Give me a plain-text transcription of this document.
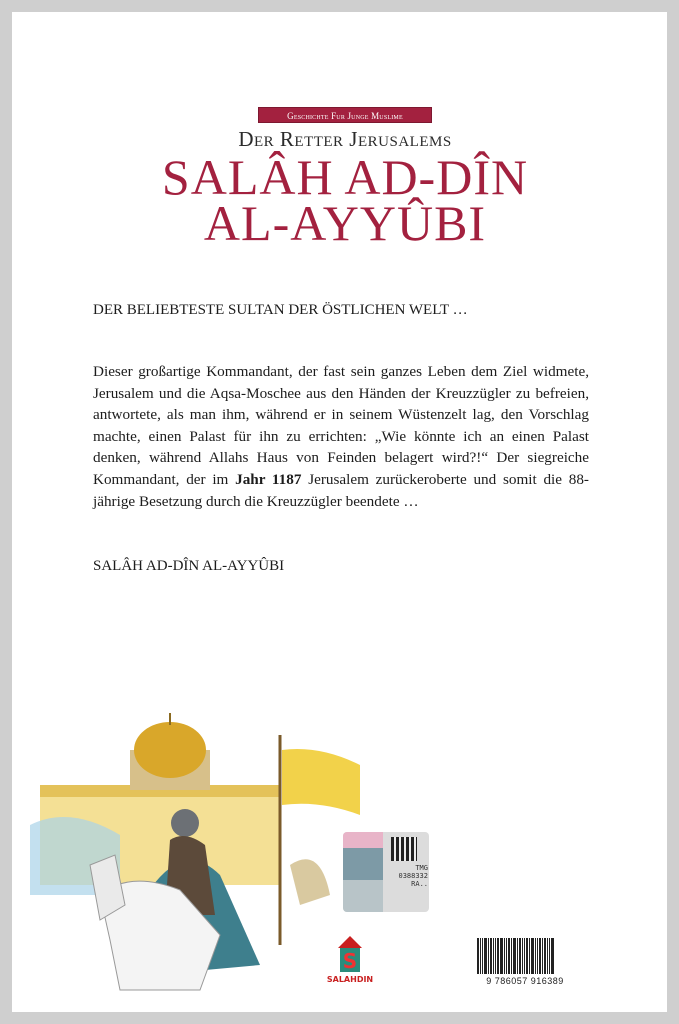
Geschichte Fur Junge Muslime
Der Retter Jerusalems
SALÂH AD-DÎN
AL-AYYÛBI
DER BELIEBTESTE SULTAN DER ÖSTLICHEN WELT …

Dieser großartige Kommandant, der fast sein ganzes Leben dem Ziel widmete, Jerusalem und die Aqsa-Moschee aus den Händen der Kreuzzügler zu befreien, antwortete, als man ihm, während er in seinem Wüstenzelt lag, den Vorschlag machte, einen Palast für ihn zu errichten: „Wie könnte ich an einen Palast denken, während Allahs Haus von Feinden belagert wird?!“ Der siegreiche Kommandant, der im Jahr 1187 Jerusalem zurückeroberte und somit die 88-jährige Besetzung durch die Kreuzzügler beendete …

SALÂH AD-DÎN AL-AYYÛBI
TMG
0388332
RA..
S
SALAHDIN	9 786057 916389
